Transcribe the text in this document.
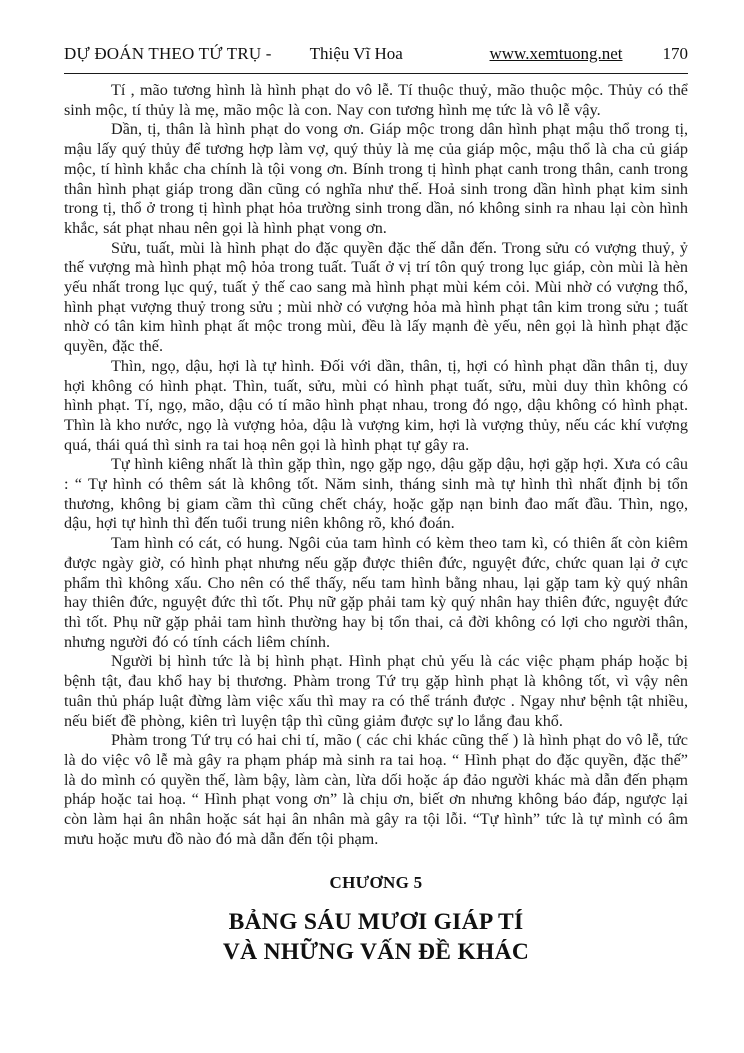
DỰ ĐOÁN THEO TỨ TRỤ - Thiệu Vĩ Hoa	www.xemtuong.net 170

Tí , mão tương hình là hình phạt do vô lễ. Tí thuộc thuỷ, mão thuộc mộc. Thủy có thể sinh mộc, tí thủy là mẹ, mão mộc là con. Nay con tương hình mẹ tức là vô lễ vậy.

Dần, tị, thân là hình phạt do vong ơn. Giáp mộc trong dân hình phạt mậu thổ trong tị, mậu lấy quý thủy để tương hợp làm vợ, quý thủy là mẹ của giáp mộc, mậu thổ là cha củ giáp mộc, tí hình khắc cha chính là tội vong ơn. Bính trong tị hình phạt canh trong thân, canh trong thân hình phạt giáp trong dần cũng có nghĩa như thế. Hoả sinh trong dần hình phạt kim sinh trong tị, thổ ở trong tị hình phạt hỏa trường sinh trong dần, nó không sinh ra nhau lại còn hình khắc, sát phạt nhau nên gọi là hình phạt vong ơn.

Sửu, tuất, mùi là hình phạt do đặc quyền đặc thế dẫn đến. Trong sửu có vượng thuỷ, ỷ thế vượng mà hình phạt mộ hỏa trong tuất. Tuất ở vị trí tôn quý trong lục giáp, còn mùi là hèn yếu nhất trong lục quý, tuất ỷ thế cao sang mà hình phạt mùi kém cỏi. Mùi nhờ có vượng thổ, hình phạt vượng thuỷ trong sửu ; mùi nhờ có vượng hỏa mà hình phạt tân kim trong sửu ; tuất nhờ có tân kim hình phạt ất mộc trong mùi, đều là lấy mạnh đè yếu, nên gọi là hình phạt đặc quyền, đặc thế.

Thìn, ngọ, dậu, hợi là tự hình. Đối với dần, thân, tị, hợi có hình phạt dần thân tị, duy hợi không có hình phạt. Thìn, tuất, sửu, mùi có hình phạt tuất, sửu, mùi duy thìn không có hình phạt. Tí, ngọ, mão, dậu có tí mão hình phạt nhau, trong đó ngọ, dậu không có hình phạt. Thìn là kho nước, ngọ là vượng hỏa, dậu là vượng kim, hợi là vượng thủy, nếu các khí vượng quá, thái quá thì sinh ra tai hoạ nên gọi là hình phạt tự gây ra.

Tự hình kiêng nhất là thìn gặp thìn, ngọ gặp ngọ, dậu gặp dậu, hợi gặp hợi. Xưa có câu : “ Tự hình có thêm sát là không tốt. Năm sinh, tháng sinh mà tự hình thì nhất định bị tổn thương, không bị giam cầm thì cũng chết cháy, hoặc gặp nạn binh đao mất đầu. Thìn, ngọ, dậu, hợi tự hình thì đến tuổi trung niên không rõ, khó đoán.

Tam hình có cát, có hung. Ngôi của tam hình có kèm theo tam kì, có thiên ất còn kiêm được ngày giờ, có hình phạt nhưng nếu gặp được thiên đức, nguyệt đức, chức quan lại ở cực phẩm thì không xấu. Cho nên có thể thấy, nếu tam hình bằng nhau, lại gặp tam kỳ quý nhân hay thiên đức, nguyệt đức thì tốt. Phụ nữ gặp phải tam kỳ quý nhân hay thiên đức, nguyệt đức thì tốt. Phụ nữ gặp phải tam hình thường hay bị tổn thai, cả đời không có lợi cho người thân, nhưng người đó có tính cách liêm chính.

Người bị hình tức là bị hình phạt. Hình phạt chủ yếu là các việc phạm pháp hoặc bị bệnh tật, đau khổ hay bị thương. Phàm trong Tứ trụ gặp hình phạt là không tốt, vì vậy nên tuân thủ pháp luật đừng làm việc xấu thì may ra có thể tránh được . Ngay như bệnh tật nhiều, nếu biết đề phòng, kiên trì luyện tập thì cũng giảm được sự lo lắng đau khổ.

Phàm trong Tứ trụ có hai chi tí, mão ( các chi khác cũng thế ) là hình phạt do vô lễ, tức là do việc vô lễ mà gây ra phạm pháp mà sinh ra tai hoạ. “ Hình phạt do đặc quyền, đặc thế” là do mình có quyền thế, làm bậy, làm càn, lừa dối hoặc áp đảo người khác mà dẫn đến phạm pháp hoặc tai hoạ. “ Hình phạt vong ơn” là chịu ơn, biết ơn nhưng không báo đáp, ngược lại còn làm hại ân nhân hoặc sát hại ân nhân mà gây ra tội lỗi. “Tự hình” tức là tự mình có âm mưu hoặc mưu đồ nào đó mà dẫn đến tội phạm.

CHƯƠNG 5

BẢNG SÁU MƯƠI GIÁP TÍ

VÀ NHỮNG VẤN ĐỀ KHÁC
